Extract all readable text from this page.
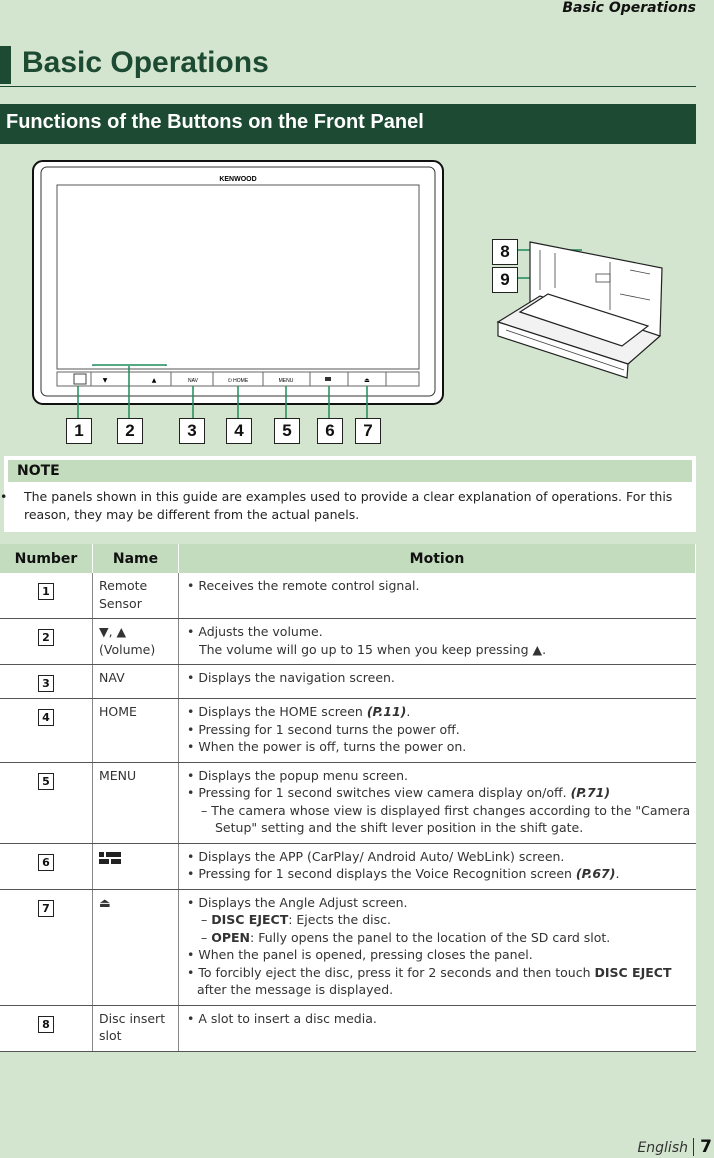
Basic Operations
Basic Operations
Functions of the Buttons on the Front Panel
KENWOOD
▼	▲	NAV	⏻ HOME	MENU	⏏
1	2	3	4	5	6	7
8
9
NOTE
• The panels shown in this guide are examples used to provide a clear explanation of operations. For this reason, they may be different from the actual panels.
Number	Name	Motion
1	Remote Sensor	• Receives the remote control signal.

2	▼, ▲ (Volume)	• Adjusts the volume.
The volume will go up to 15 when you keep pressing ▲.

3	NAV	• Displays the navigation screen.

4	HOME	• Displays the HOME screen (P.11).
• Pressing for 1 second turns the power off.
• When the power is off, turns the power on.

5	MENU	• Displays the popup menu screen.
• Pressing for 1 second switches view camera display on/off. (P.71)
– The camera whose view is displayed first changes according to the "Camera Setup" setting and the shift lever position in the shift gate.

6		• Displays the APP (CarPlay/ Android Auto/ WebLink) screen.
• Pressing for 1 second displays the Voice Recognition screen (P.67).

7	⏏	• Displays the Angle Adjust screen.
– DISC EJECT: Ejects the disc.
– OPEN: Fully opens the panel to the location of the SD card slot.
• When the panel is opened, pressing closes the panel.
• To forcibly eject the disc, press it for 2 seconds and then touch DISC EJECT after the message is displayed.

8	Disc insert slot	• A slot to insert a disc media.
English 7
